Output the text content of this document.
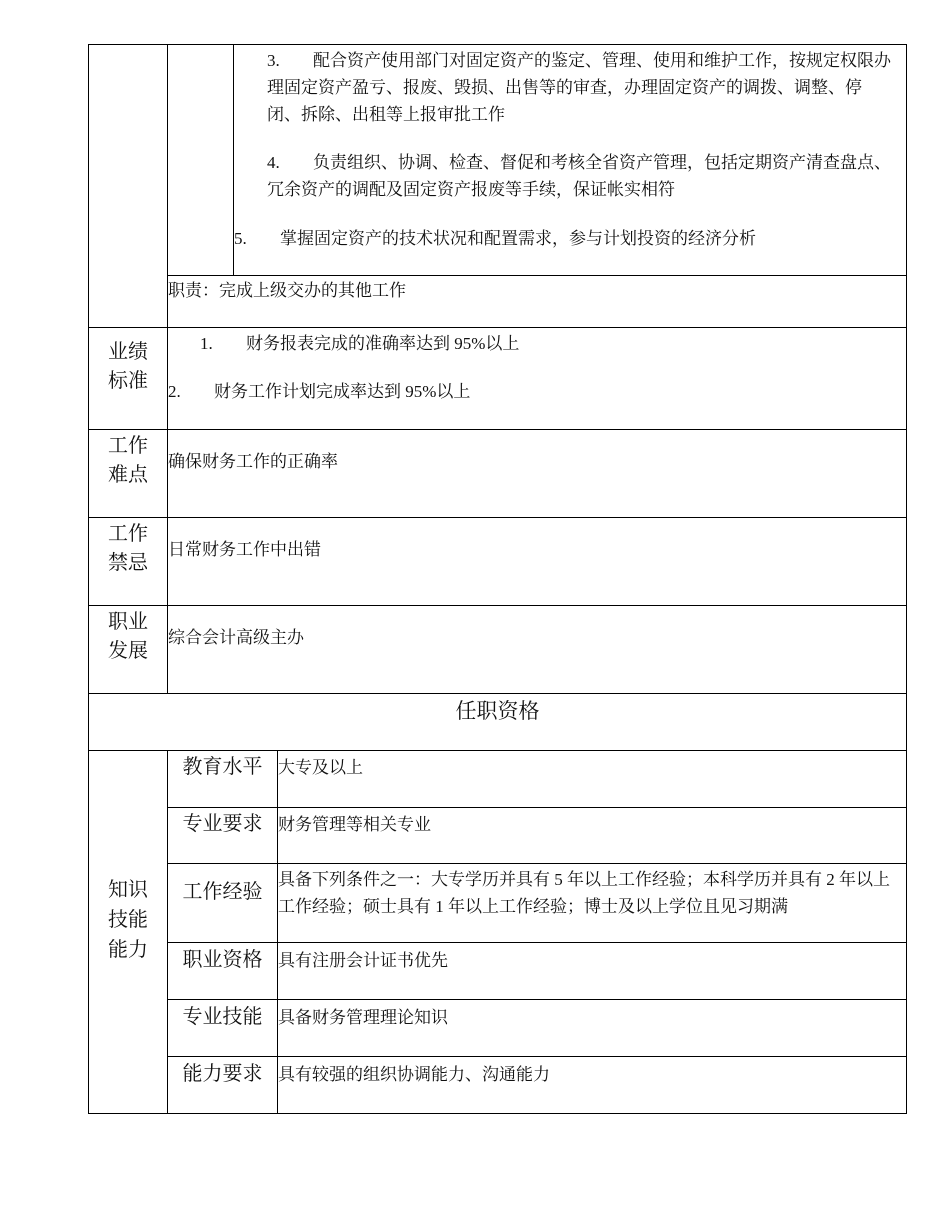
3. 配合资产使用部门对固定资产的鉴定、管理、使用和维护工作，按规定权限办理固定资产盈亏、报废、毁损、出售等的审查，办理固定资产的调拨、调整、停闭、拆除、出租等上报审批工作
4. 负责组织、协调、检查、督促和考核全省资产管理，包括定期资产清查盘点、冗余资产的调配及固定资产报废等手续，保证帐实相符
5. 掌握固定资产的技术状况和配置需求，参与计划投资的经济分析
职责：完成上级交办的其他工作
业绩
标准
1. 财务报表完成的准确率达到 95%以上
2. 财务工作计划完成率达到 95%以上
工作
难点
确保财务工作的正确率
工作
禁忌
日常财务工作中出错
职业
发展
综合会计高级主办
任职资格
知识
技能
能力
教育水平 大专及以上
专业要求 财务管理等相关专业
工作经验
具备下列条件之一：大专学历并具有 5 年以上工作经验；本科学历并具有 2 年以上工作经验；硕士具有 1 年以上工作经验；博士及以上学位且见习期满
职业资格 具有注册会计证书优先
专业技能 具备财务管理理论知识
能力要求 具有较强的组织协调能力、沟通能力
